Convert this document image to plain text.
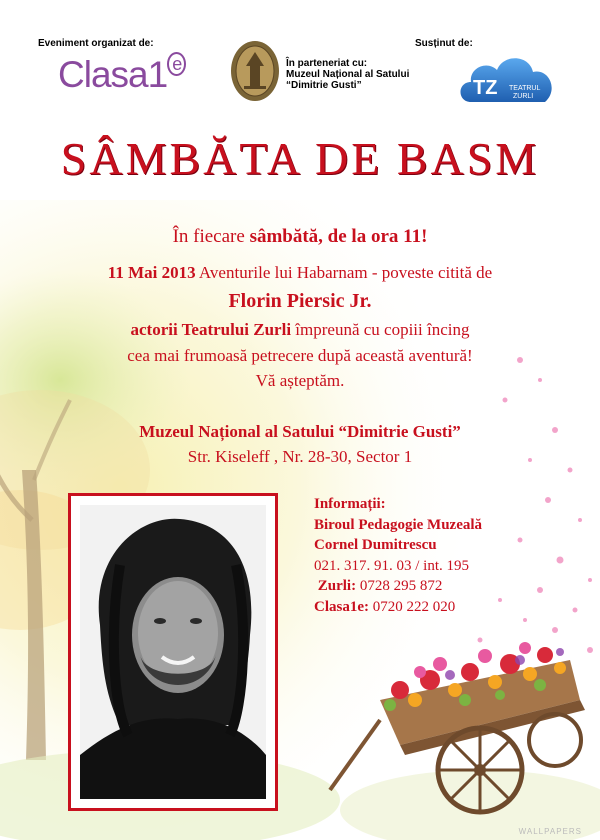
Eveniment organizat de:
Clasa1 $^e$	În parteneriat cu:
Muzeul Național al Satului
“Dimitrie Gusti”
Susținut de:
TZ TEATRUL
ZURLI
SÂMBĂTA DE BASM
În fiecare sâmbătă, de la ora 11!
11 Mai 2013 Aventurile lui Habarnam - poveste citită de
Florin Piersic Jr.
actorii Teatrului Zurli împreună cu copiii încing
cea mai frumoasă petrecere după această aventură!
Vă așteptăm.
Muzeul Național al Satului “Dimitrie Gusti”
Str. Kiseleff , Nr. 28-30, Sector 1
Informații:
Biroul Pedagogie Muzeală
Cornel Dumitrescu
021. 317. 91. 03 / int. 195
Zurli: 0728 295 872
Clasa1e: 0720 222 020
WALLPAPERS
